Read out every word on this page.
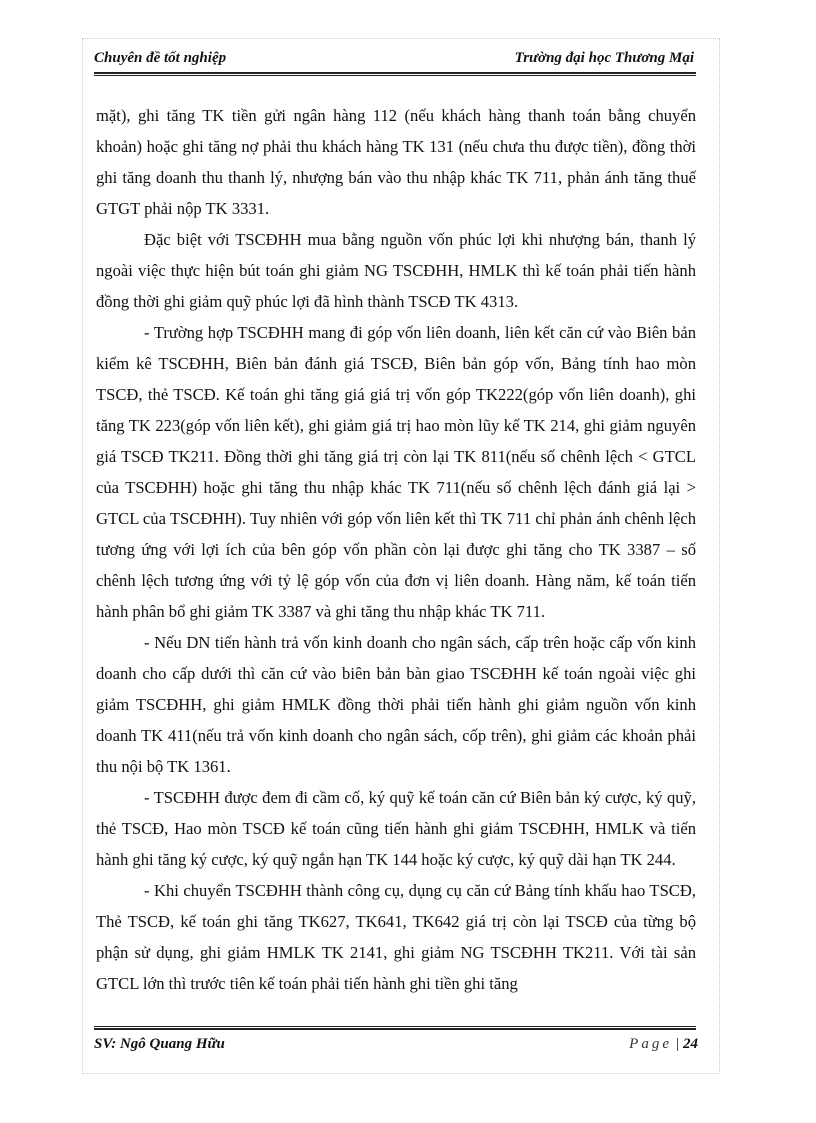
Chuyên đề tốt nghiệp	Trường đại học Thương Mại

mặt), ghi tăng TK tiền gửi ngân hàng 112 (nếu khách hàng thanh toán bằng chuyển khoản) hoặc ghi tăng nợ phải thu khách hàng TK 131 (nếu chưa thu được tiền), đồng thời ghi tăng doanh thu thanh lý, nhượng bán vào thu nhập khác TK 711, phản ánh tăng thuế GTGT phải nộp TK 3331.

Đặc biệt với TSCĐHH mua bằng nguồn vốn phúc lợi khi nhượng bán, thanh lý ngoài việc thực hiện bút toán ghi giảm NG TSCĐHH, HMLK thì kế toán phải tiến hành đồng thời ghi giảm quỹ phúc lợi đã hình thành TSCĐ TK 4313.

- Trường hợp TSCĐHH mang đi góp vốn liên doanh, liên kết căn cứ vào Biên bản kiểm kê TSCĐHH, Biên bản đánh giá TSCĐ, Biên bản góp vốn, Bảng tính hao mòn TSCĐ, thẻ TSCĐ. Kế toán ghi tăng giá giá trị vốn góp TK222(góp vốn liên doanh), ghi tăng TK 223(góp vốn liên kết), ghi giảm giá trị hao mòn lũy kế TK 214, ghi giảm nguyên giá TSCĐ TK211. Đồng thời ghi tăng giá trị còn lại TK 811(nếu số chênh lệch < GTCL của TSCĐHH) hoặc ghi tăng thu nhập khác TK 711(nếu số chênh lệch đánh giá lại > GTCL của TSCĐHH). Tuy nhiên với góp vốn liên kết thì TK 711 chỉ phản ánh chênh lệch tương ứng với lợi ích của bên góp vốn phần còn lại được ghi tăng cho TK 3387 – số chênh lệch tương ứng với tỷ lệ góp vốn của đơn vị liên doanh. Hàng năm, kế toán tiến hành phân bổ ghi giảm TK 3387 và ghi tăng thu nhập khác TK 711.

- Nếu DN tiến hành trả vốn kinh doanh cho ngân sách, cấp trên hoặc cấp vốn kinh doanh cho cấp dưới thì căn cứ vào biên bản bàn giao TSCĐHH kế toán ngoài việc ghi giảm TSCĐHH, ghi giảm HMLK đồng thời phải tiến hành ghi giảm nguồn vốn kinh doanh TK 411(nếu trả vốn kinh doanh cho ngân sách, cốp trên), ghi giảm các khoản phải thu nội bộ TK 1361.

- TSCĐHH được đem đi cầm cố, ký quỹ kế toán căn cứ Biên bản ký cược, ký quỹ, thẻ TSCĐ, Hao mòn TSCĐ kế toán cũng tiến hành ghi giảm TSCĐHH, HMLK và tiến hành ghi tăng ký cược, ký quỹ ngắn hạn TK 144 hoặc ký cược, ký quỹ dài hạn TK 244.

- Khi chuyển TSCĐHH thành công cụ, dụng cụ căn cứ Bảng tính khấu hao TSCĐ, Thẻ TSCĐ, kế toán ghi tăng TK627, TK641, TK642 giá trị còn lại TSCĐ của từng bộ phận sử dụng, ghi giảm HMLK TK 2141, ghi giảm NG TSCĐHH TK211. Với tài sản GTCL lớn thì trước tiên kế toán phải tiến hành ghi tiền ghi tăng

SV: Ngô Quang Hữu	Page | 24
